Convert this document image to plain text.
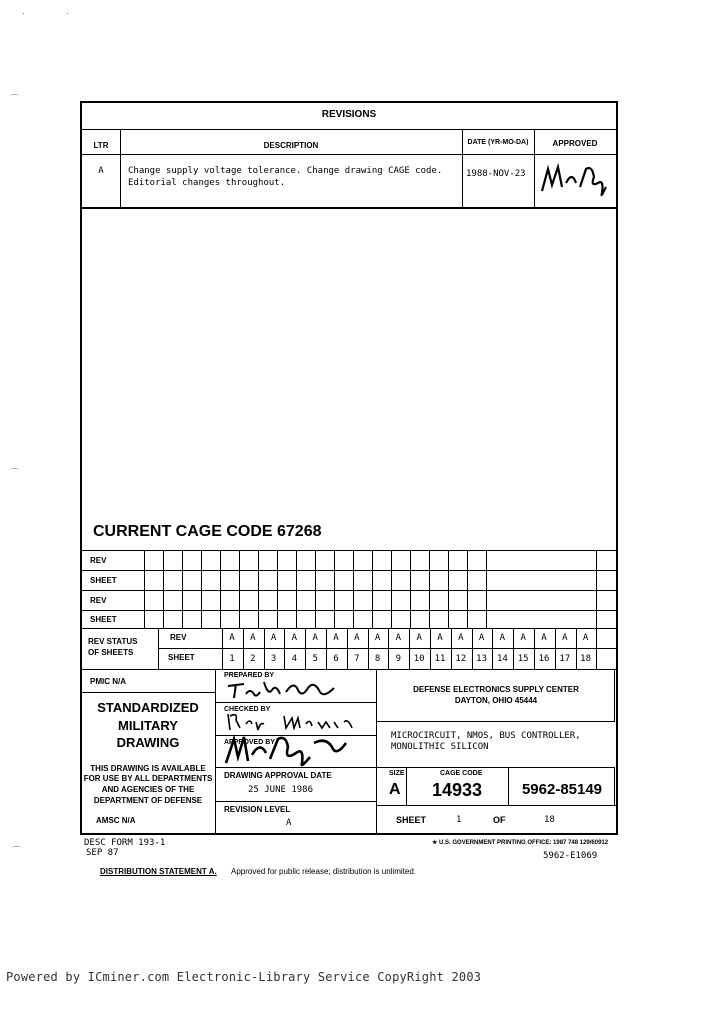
·	·
⌒
⌒
⌒
REVISIONS
LTR	DESCRIPTION	DATE (YR-MO-DA)	APPROVED
A	Change supply voltage tolerance. Change drawing CAGE code.
Editorial changes throughout.
1988-NOV-23
CURRENT CAGE CODE 67268
REV
SHEET
REV
SHEET
REV STATUS
OF SHEETS
REV
SHEET
A	A	A	A	A	A	A	A	A	A	A	A	A	A	A	A	A	A
1	2	3	4	5	6	7	8	9	10	11	12	13	14	15	16	17	18
PMIC N/A
STANDARDIZED
MILITARY
DRAWING
THIS DRAWING IS AVAILABLE
FOR USE BY ALL DEPARTMENTS
AND AGENCIES OF THE
DEPARTMENT OF DEFENSE
AMSC N/A
PREPARED BY
CHECKED BY
APPROVED BY
DRAWING APPROVAL DATE
25 JUNE 1986
REVISION LEVEL
A
DEFENSE ELECTRONICS SUPPLY CENTER
DAYTON, OHIO 45444
MICROCIRCUIT, NMOS, BUS CONTROLLER,
MONOLITHIC SILICON
SIZE
A
CAGE CODE
14933	5962-85149
SHEET	1	OF	18
DESC FORM 193-1
SEP 87
★ U.S. GOVERNMENT PRINTING OFFICE: 1987 748 129/60912
5962-E1069
DISTRIBUTION STATEMENT A. Approved for public release; distribution is unlimited.
Powered by ICminer.com Electronic-Library Service CopyRight 2003
